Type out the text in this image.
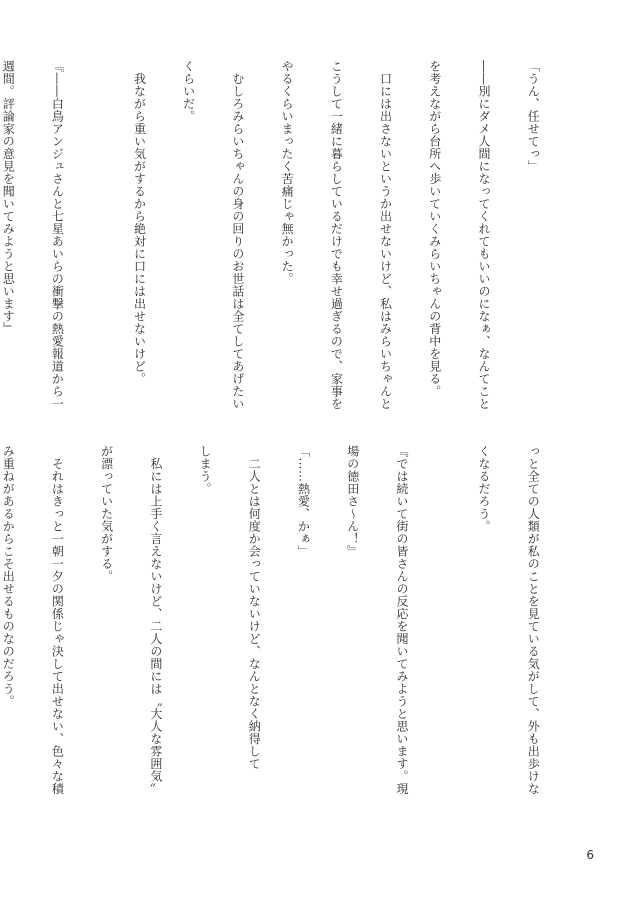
「うん、任せてっ」

――別にダメ人間になってくれてもいいのになぁ、なんてこと

を考えながら台所へ歩いていくみらいちゃんの背中を見る。

　口には出さないというか出せないけど、私はみらいちゃんと

こうして一緒に暮らしているだけでも幸せ過ぎるので、家事を

やるくらいまったく苦痛じゃ無かった。

　むしろみらいちゃんの身の回りのお世話は全てしてあげたい

くらいだ。

　我ながら重い気がするから絶対に口には出せないけど。

『――白鳥アンジュさんと七星あいらの衝撃の熱愛報道から一

週間。評論家の意見を聞いてみようと思います』

っと全ての人類が私のことを見ている気がして、外も出歩けな

くなるだろう。

『では続いて街の皆さんの反応を聞いてみようと思います。現

場の徳田さ〜ん！』

「……熱愛、かぁ」

　二人とは何度か会っていないけど、なんとなく納得して

しまう。

　私には上手く言えないけど、二人の間には〝大人な雰囲気〟

が漂っていた気がする。

　それはきっと一朝一夕の関係じゃ決して出せない、色々な積

み重ねがあるからこそ出せるものなのだろう。

6
